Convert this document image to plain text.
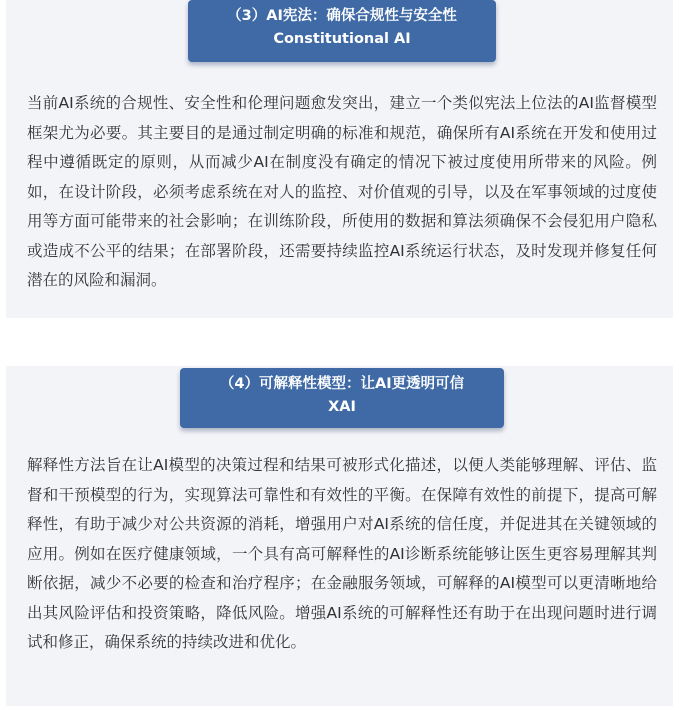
（3）AI宪法：确保合规性与安全性
Constitutional AI

当前AI系统的合规性、安全性和伦理问题愈发突出，建立一个类似宪法上位法的AI监督模型框架尤为必要。其主要目的是通过制定明确的标准和规范，确保所有AI系统在开发和使用过程中遵循既定的原则，从而减少AI在制度没有确定的情况下被过度使用所带来的风险。例如，在设计阶段，必须考虑系统在对人的监控、对价值观的引导，以及在军事领域的过度使用等方面可能带来的社会影响；在训练阶段，所使用的数据和算法须确保不会侵犯用户隐私或造成不公平的结果；在部署阶段，还需要持续监控AI系统运行状态，及时发现并修复任何潜在的风险和漏洞。

（4）可解释性模型：让AI更透明可信
XAI

解释性方法旨在让AI模型的决策过程和结果可被形式化描述，以便人类能够理解、评估、监督和干预模型的行为，实现算法可靠性和有效性的平衡。在保障有效性的前提下，提高可解释性，有助于减少对公共资源的消耗，增强用户对AI系统的信任度，并促进其在关键领域的应用。例如在医疗健康领域，一个具有高可解释性的AI诊断系统能够让医生更容易理解其判断依据，减少不必要的检查和治疗程序；在金融服务领域，可解释的AI模型可以更清晰地给出其风险评估和投资策略，降低风险。增强AI系统的可解释性还有助于在出现问题时进行调试和修正，确保系统的持续改进和优化。
